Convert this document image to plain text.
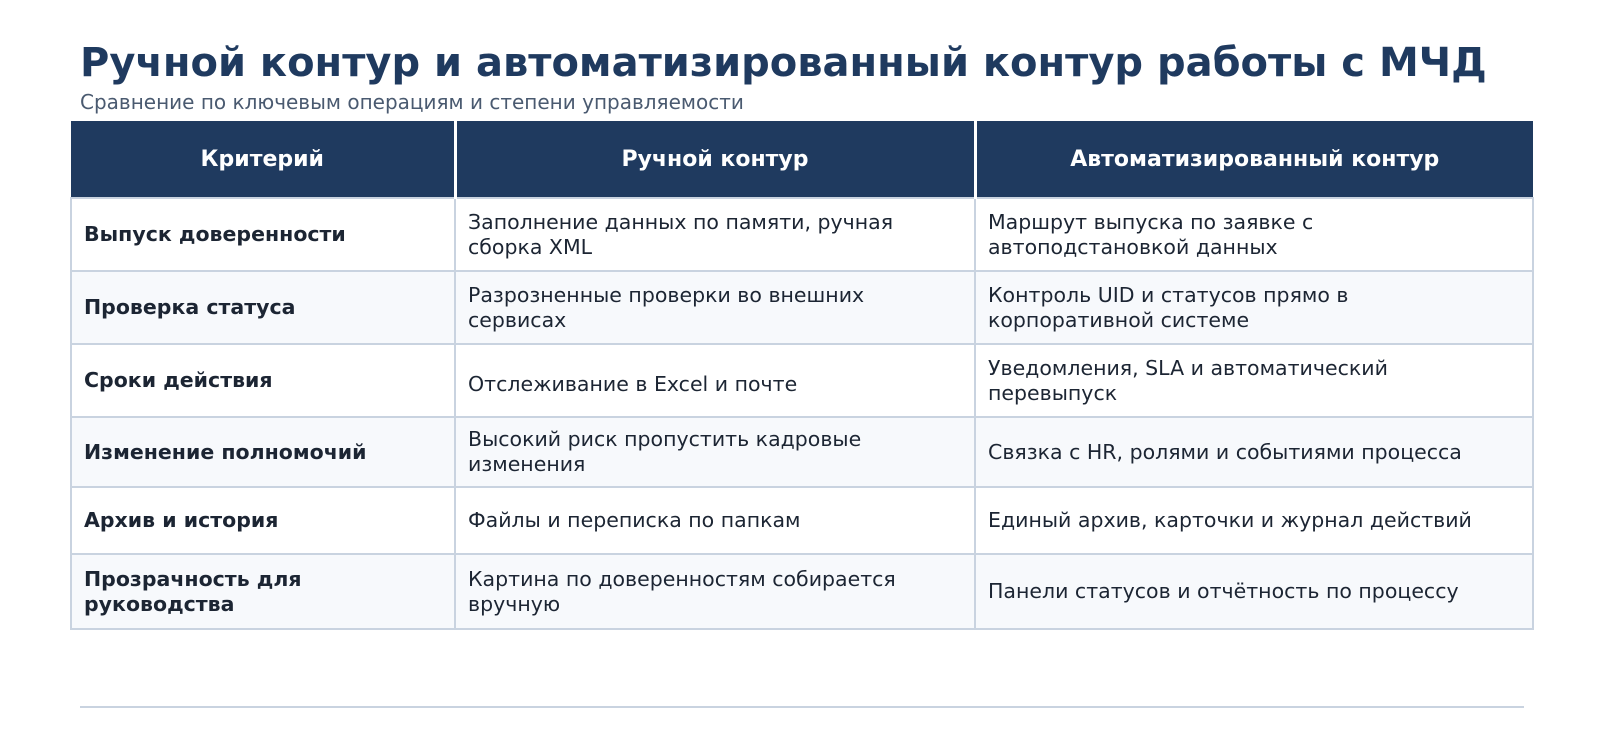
Ручной контур и автоматизированный контур работы с МЧД

Сравнение по ключевым операциям и степени управляемости

Критерий	Ручной контур	Автоматизированный контур
Выпуск доверенности	Заполнение данных по памяти, ручная сборка XML	Маршрут выпуска по заявке с автоподстановкой данных
Проверка статуса	Разрозненные проверки во внешних сервисах	Контроль UID и статусов прямо в корпоративной системе
Сроки действия	Отслеживание в Excel и почте	Уведомления, SLA и автоматический перевыпуск
Изменение полномочий	Высокий риск пропустить кадровые изменения	Связка с HR, ролями и событиями процесса
Архив и история	Файлы и переписка по папкам	Единый архив, карточки и журнал действий
Прозрачность для руководства	Картина по доверенностям собирается вручную	Панели статусов и отчётность по процессу
